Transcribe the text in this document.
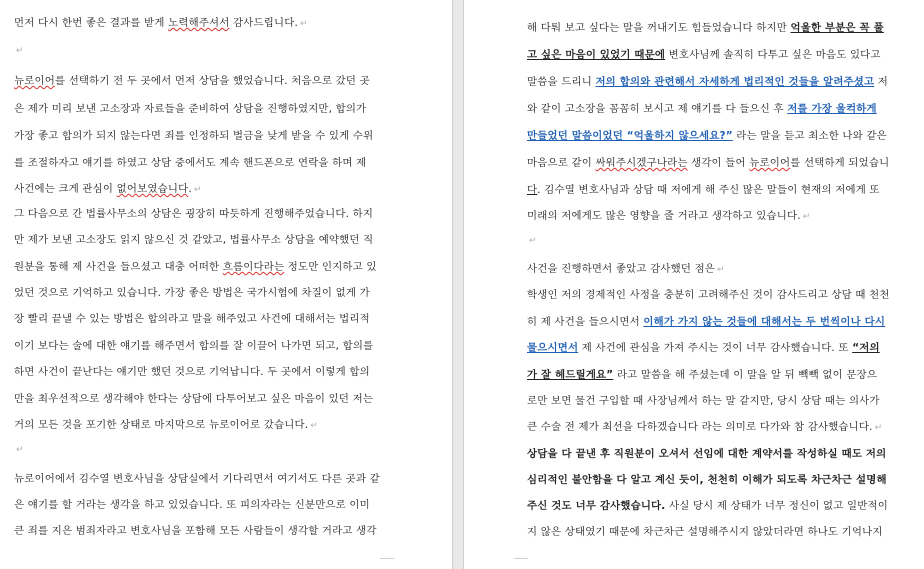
먼저 다시 한번 좋은 결과를 받게 노력해주셔서 감사드립니다. ↵
↵
뉴로이어를 선택하기 전 두 곳에서 먼저 상담을 했었습니다. 처음으로 갔던 곳
은 제가 미리 보낸 고소장과 자료들을 준비하여 상담을 진행하였지만, 합의가
가장 좋고 합의가 되지 않는다면 죄를 인정하되 벌금을 낮게 받을 수 있게 수위
를 조절하자고 얘기를 하였고 상담 중에서도 계속 핸드폰으로 연락을 하며 제
사건에는 크게 관심이 없어보였습니다. ↵
그 다음으로 간 법률사무소의 상담은 굉장히 따듯하게 진행해주었습니다. 하지
만 제가 보낸 고소장도 읽지 않으신 것 같았고, 법률사무소 상담을 예약했던 직
원분을 통해 제 사건을 들으셨고 대충 어떠한 흐름이다라는 정도만 인지하고 있
었던 것으로 기억하고 있습니다. 가장 좋은 방법은 국가시험에 차질이 없게 가
장 빨리 끝낼 수 있는 방법은 합의라고 말을 해주었고 사건에 대해서는 법리적
이기 보다는 술에 대한 얘기를 해주면서 합의를 잘 이끌어 나가면 되고, 합의를
하면 사건이 끝난다는 얘기만 했던 것으로 기억납니다. 두 곳에서 이렇게 합의
만을 최우선적으로 생각해야 한다는 상담에 다투어보고 싶은 마음이 있던 저는
거의 모든 것을 포기한 상태로 마지막으로 뉴로이어로 갔습니다. ↵
↵
뉴로이어에서 김수열 변호사님을 상담실에서 기다리면서 여기서도 다른 곳과 같
은 얘기를 할 거라는 생각을 하고 있었습니다. 또 피의자라는 신분만으로 이미
큰 죄를 지은 범죄자라고 변호사님을 포함해 모든 사람들이 생각할 거라고 생각
해 다퉈 보고 싶다는 말을 꺼내기도 힘들었습니다 하지만 억울한 부분은 꼭 풀
고 싶은 마음이 있었기 때문에 변호사님께 솔직히 다투고 싶은 마음도 있다고
말씀을 드리니 저의 합의와 관련해서 자세하게 법리적인 것들을 알려주셨고 저
와 같이 고소장을 꼼꼼히 보시고 제 얘기를 다 들으신 후 저를 가장 울컥하게
만들었던 말씀이었던 “억울하지 않으세요?” 라는 말을 듣고 최소한 나와 같은
마음으로 같이 싸워주시겠구나라는 생각이 들어 뉴로이어를 선택하게 되었습니
다. 김수열 변호사님과 상담 때 저에게 해 주신 많은 말들이 현재의 저에게 또
미래의 저에게도 많은 영향을 줄 거라고 생각하고 있습니다. ↵
↵
사건을 진행하면서 좋았고 감사했던 점은 ↵
학생인 저의 경제적인 사정을 충분히 고려해주신 것이 감사드리고 상담 때 천천
히 제 사건을 들으시면서 이해가 가지 않는 것들에 대해서는 두 번씩이나 다시
물으시면서 제 사건에 관심을 가져 주시는 것이 너무 감사했습니다. 또 “저의
가 잘 헤드릴게요” 라고 말씀을 해 주셨는데 이 말을 알 뒤 빽빽 없이 문장으
로만 보면 물건 구입할 때 사장님께서 하는 말 같지만, 당시 상담 때는 의사가
큰 수술 전 제가 최선을 다하겠습니다 라는 의미로 다가와 참 감사했습니다. ↵
상담을 다 끝낸 후 직원분이 오셔서 선임에 대한 계약서를 작성하실 때도 저의
심리적인 불안함을 다 알고 계신 듯이, 천천히 이해가 되도록 차근차근 설명해
주신 것도 너무 감사했습니다. 사실 당시 제 상태가 너무 정신이 없고 일반적이
지 않은 상태였기 때문에 차근차근 설명해주시지 않았더라면 하나도 기억나지
